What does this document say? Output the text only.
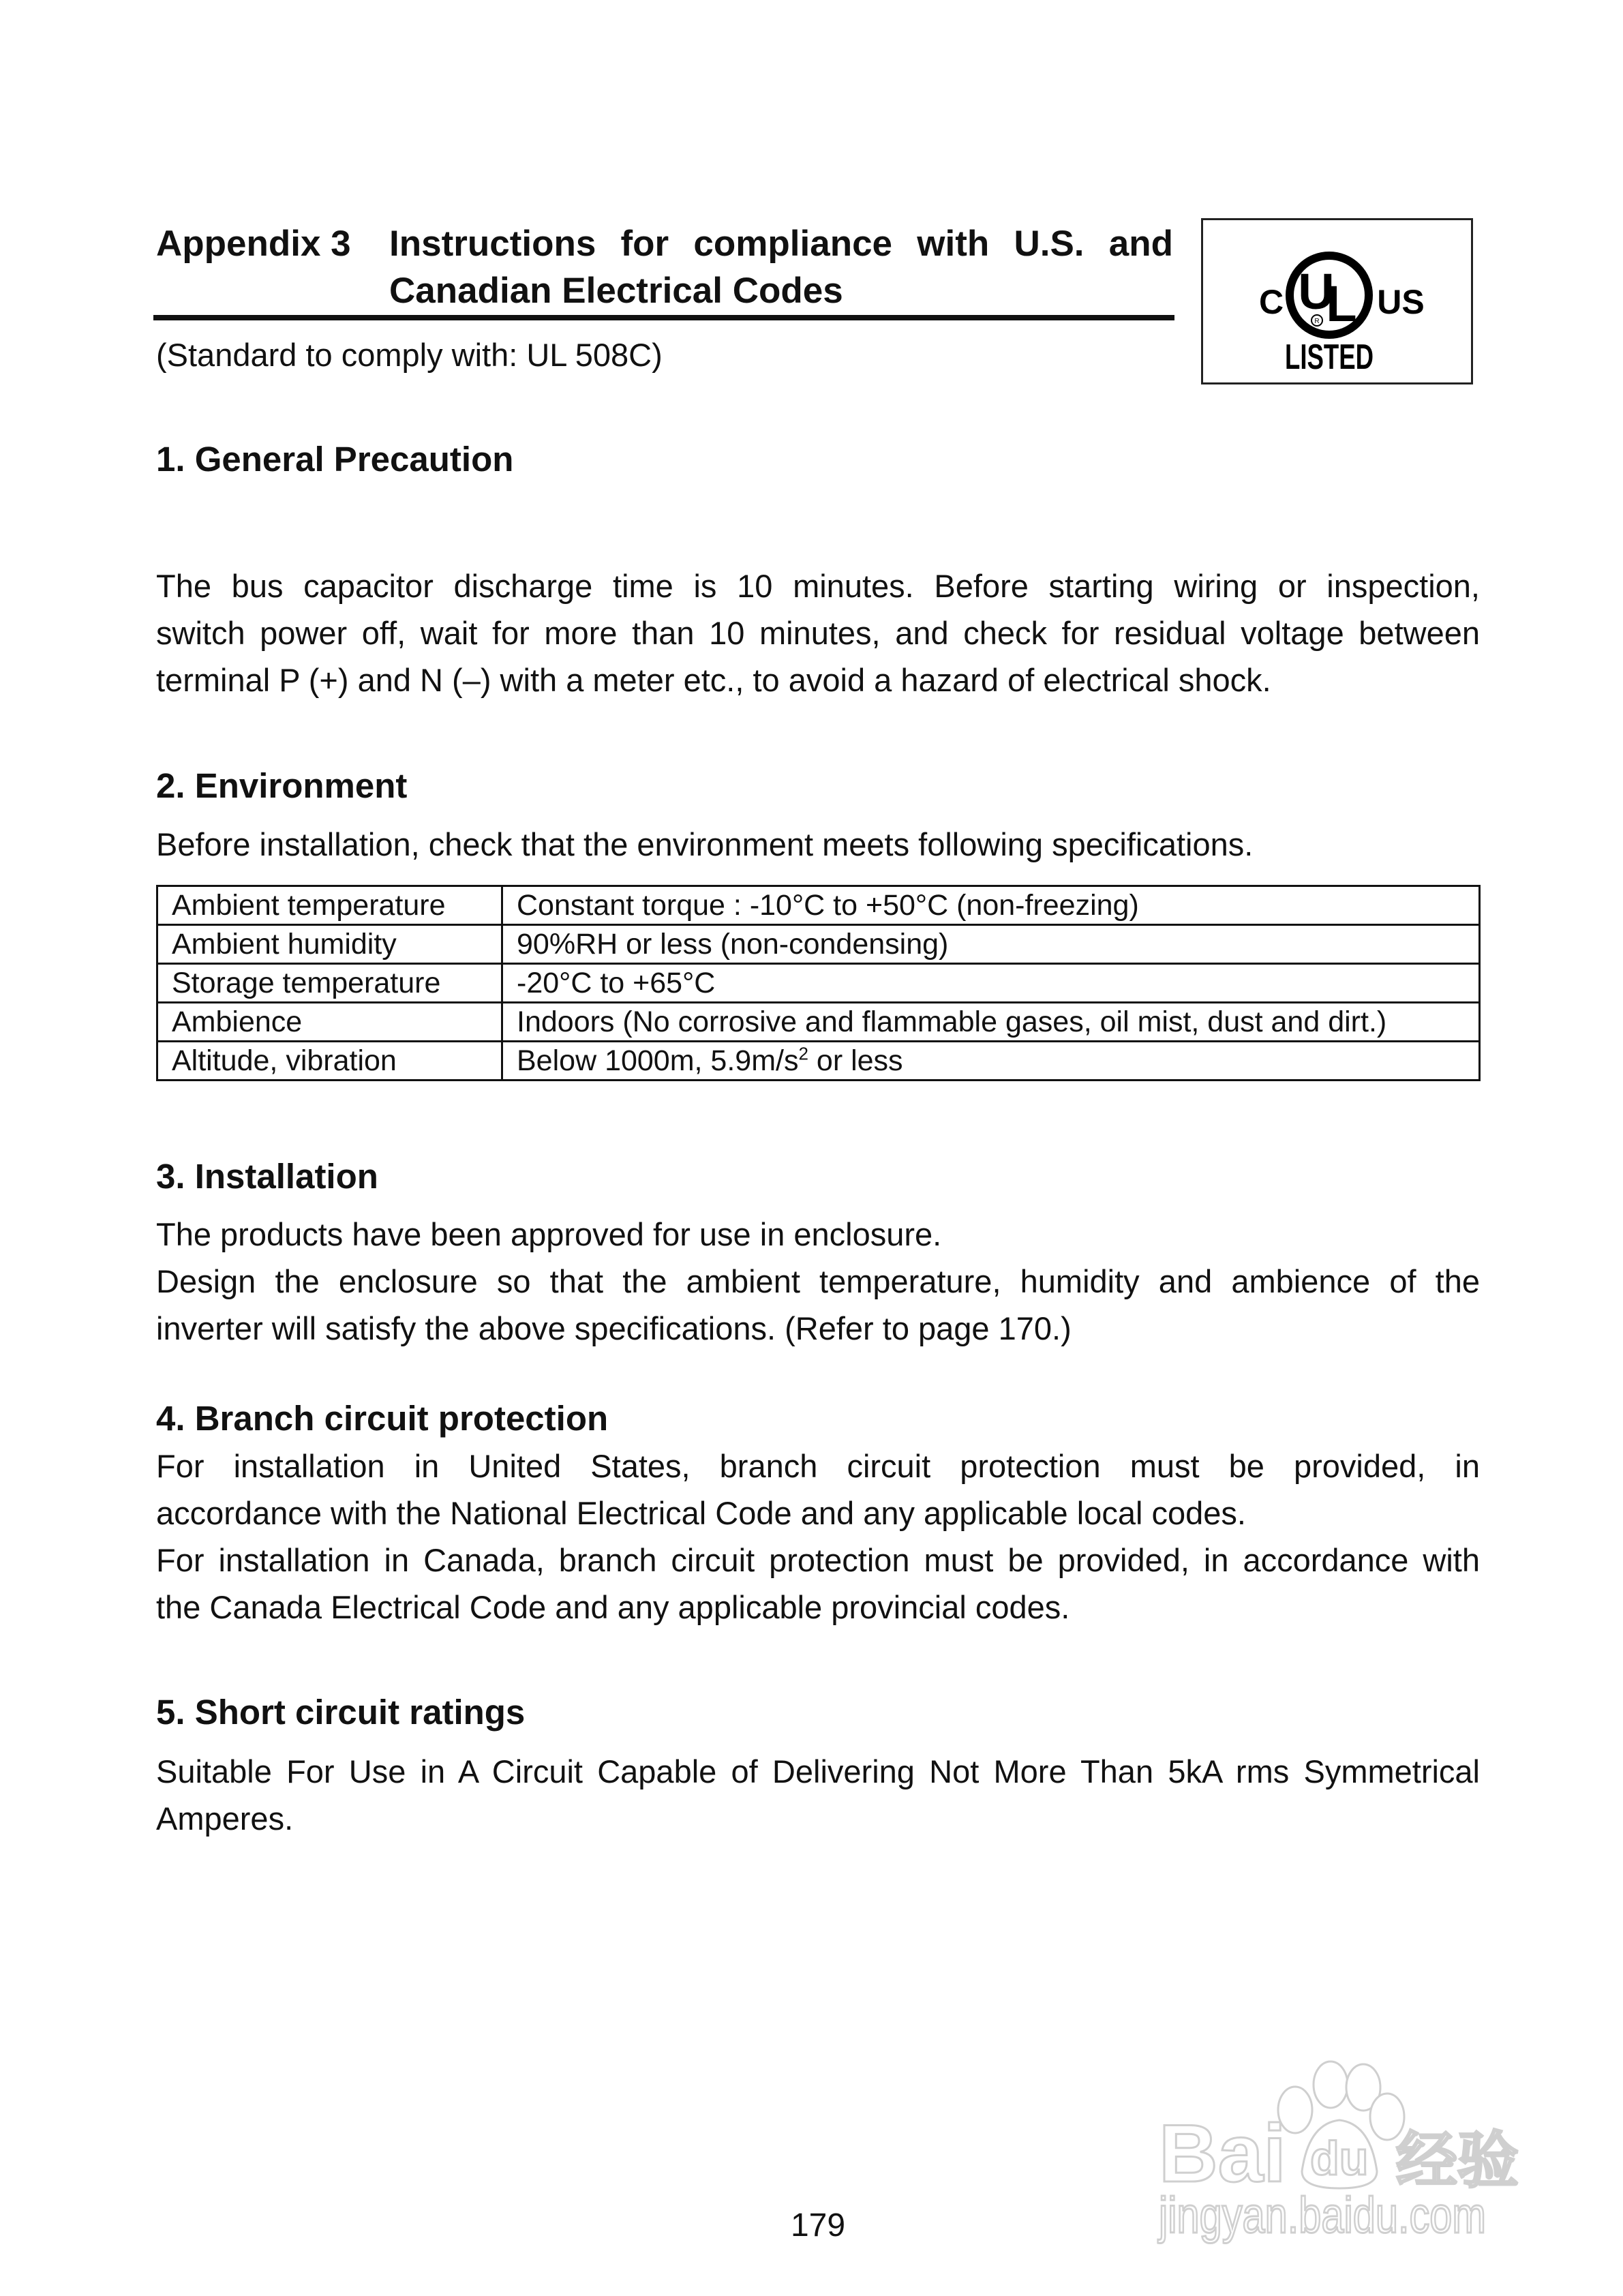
Appendix 3 Instructions for compliance with U.S. and
Canadian Electrical Codes
(Standard to comply with: UL 508C)
C U
L
R
US
LISTED
1. General Precaution
The bus capacitor discharge time is 10 minutes. Before starting wiring or inspection,
switch power off, wait for more than 10 minutes, and check for residual voltage between
terminal P (+) and N (–) with a meter etc., to avoid a hazard of electrical shock.
2. Environment
Before installation, check that the environment meets following specifications.
Ambient temperature	Constant torque : -10°C to +50°C (non-freezing)
Ambient humidity	90%RH or less (non-condensing)
Storage temperature	-20°C to +65°C
Ambience	Indoors (No corrosive and flammable gases, oil mist, dust and dirt.)
Altitude, vibration	Below 1000m, $5.9m/s^2$ or less
3. Installation
The products have been approved for use in enclosure.
Design the enclosure so that the ambient temperature, humidity and ambience of the
inverter will satisfy the above specifications. (Refer to page 170.)
4. Branch circuit protection
For installation in United States, branch circuit protection must be provided, in
accordance with the National Electrical Code and any applicable local codes.
For installation in Canada, branch circuit protection must be provided, in accordance with
the Canada Electrical Code and any applicable provincial codes.
5. Short circuit ratings
Suitable For Use in A Circuit Capable of Delivering Not More Than 5kA rms Symmetrical
Amperes.
179
Bai du 经验
jingyan.baidu.com
